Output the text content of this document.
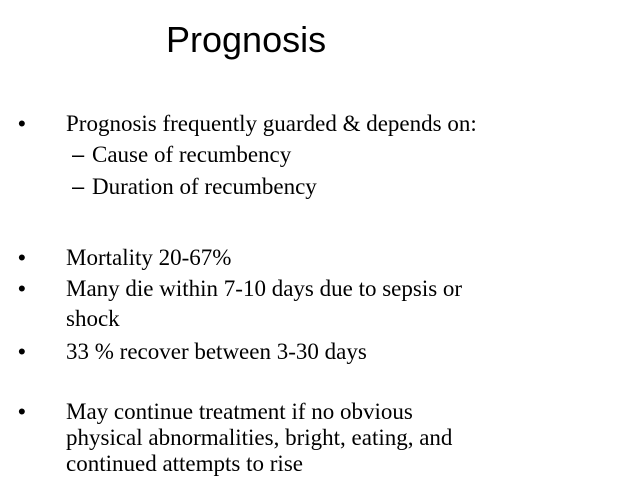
Prognosis
• Prognosis frequently guarded & depends on:
– Cause of recumbency
– Duration of recumbency
• Mortality 20-67%
• Many die within 7-10 days due to sepsis or
shock
• 33 % recover between 3-30 days
• May continue treatment if no obvious
physical abnormalities, bright, eating, and
continued attempts to rise
